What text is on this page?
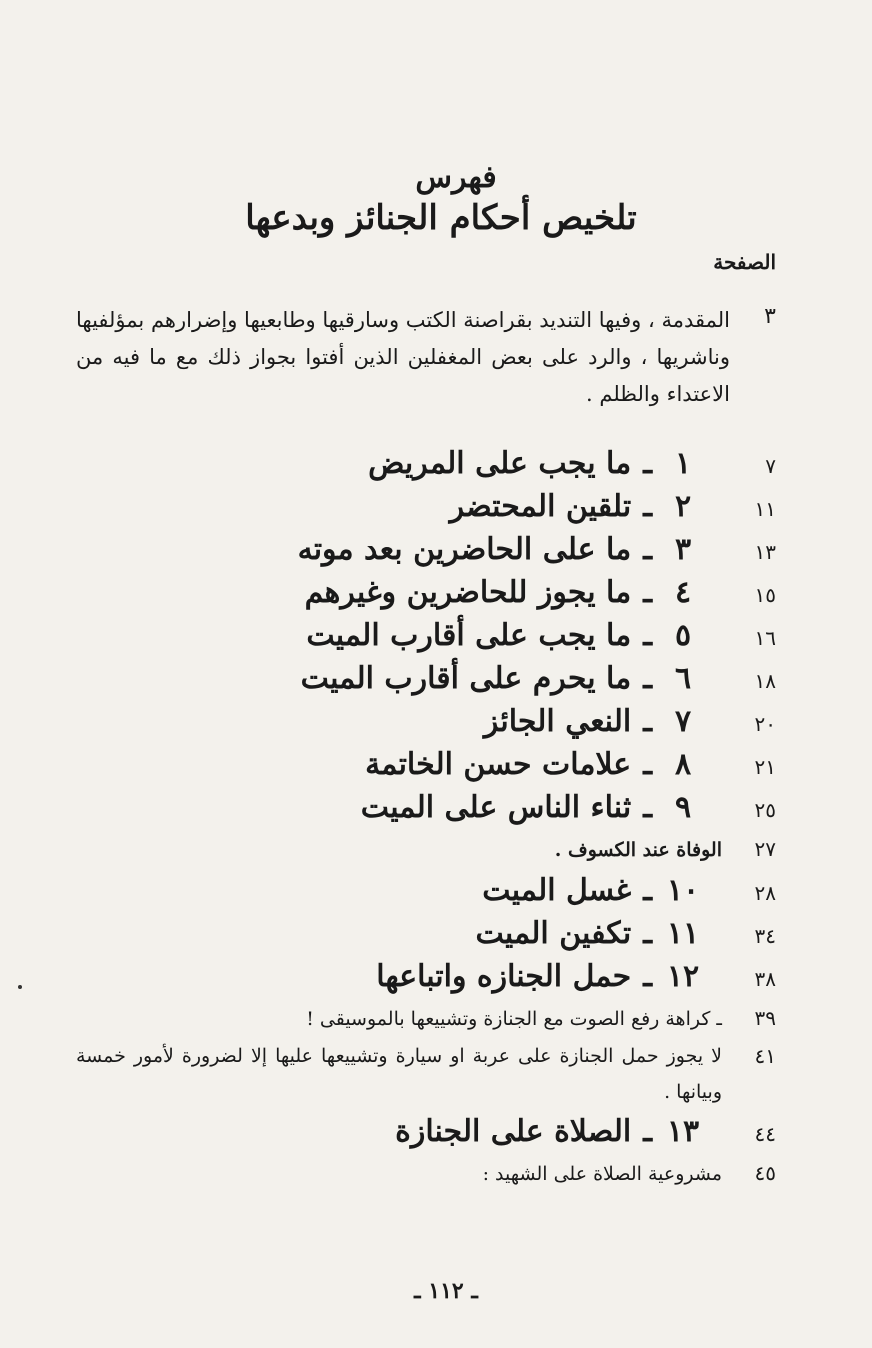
فهرس
تلخيص أحكام الجنائز وبدعها
الصفحة
٣
المقدمة ، وفيها التنديد بقراصنة الكتب وسارقيها وطابعيها وإضرارهم بمؤلفيها وناشريها ، والرد على بعض المغفلين الذين أفتوا بجواز ذلك مع ما فيه من الاعتداء والظلم .
٧
١ـما يجب على المريض
١١
٢ـتلقين المحتضر
١٣
٣ـما على الحاضرين بعد موته
١٥
٤ـما يجوز للحاضرين وغيرهم
١٦
٥ـما يجب على أقارب الميت
١٨
٦ـما يحرم على أقارب الميت
٢٠
٧ـالنعي الجائز
٢١
٨ـعلامات حسن الخاتمة
٢٥
٩ـثناء الناس على الميت
٢٧
الوفاة عند الكسوف .
٢٨
١٠ـغسل الميت
٣٤
١١ـتكفين الميت
٣٨
١٢ـحمل الجنازه واتباعها
٣٩
ـ كراهة رفع الصوت مع الجنازة وتشييعها بالموسيقى !
٤١
لا يجوز حمل الجنازة على عربة او سيارة وتشييعها عليها إلا لضرورة لأمور خمسة وبيانها .
٤٤
١٣ـالصلاة على الجنازة
٤٥
مشروعية الصلاة على الشهيد :
ـ ١١٢ ـ
